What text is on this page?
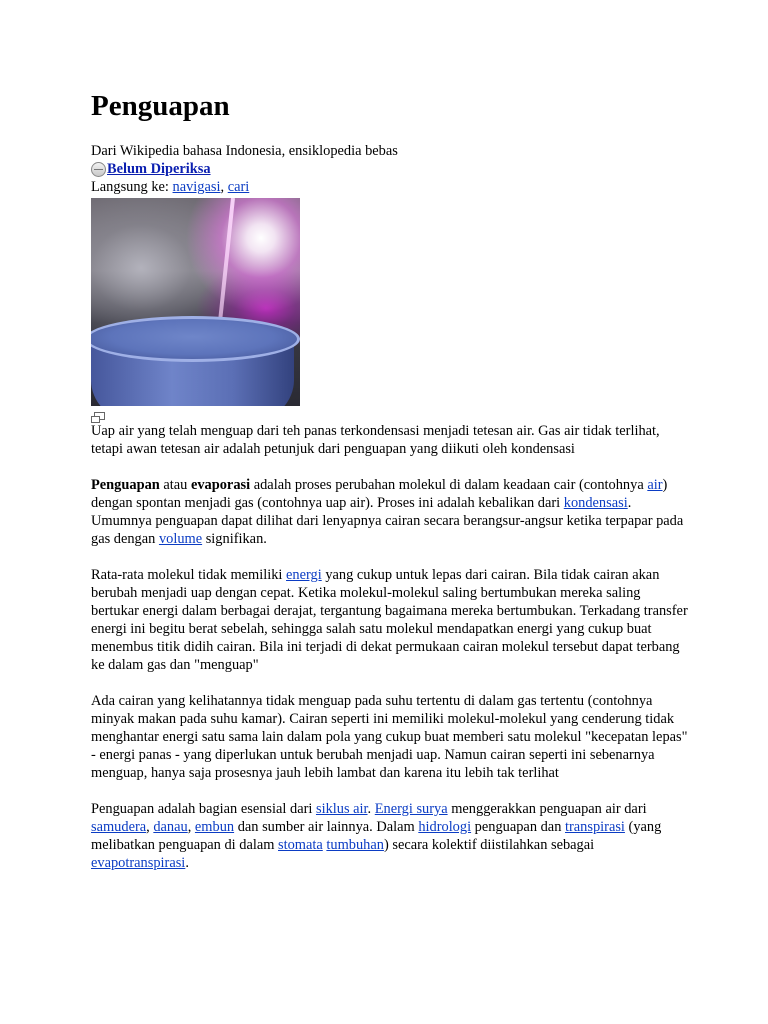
Penguapan
Dari Wikipedia bahasa Indonesia, ensiklopedia bebas
Belum Diperiksa
Langsung ke: navigasi, cari
Uap air yang telah menguap dari teh panas terkondensasi menjadi tetesan air. Gas air tidak terlihat, tetapi awan tetesan air adalah petunjuk dari penguapan yang diikuti oleh kondensasi

Penguapan atau evaporasi adalah proses perubahan molekul di dalam keadaan cair (contohnya air) dengan spontan menjadi gas (contohnya uap air). Proses ini adalah kebalikan dari kondensasi. Umumnya penguapan dapat dilihat dari lenyapnya cairan secara berangsur-angsur ketika terpapar pada gas dengan volume signifikan.

Rata-rata molekul tidak memiliki energi yang cukup untuk lepas dari cairan. Bila tidak cairan akan berubah menjadi uap dengan cepat. Ketika molekul-molekul saling bertumbukan mereka saling bertukar energi dalam berbagai derajat, tergantung bagaimana mereka bertumbukan. Terkadang transfer energi ini begitu berat sebelah, sehingga salah satu molekul mendapatkan energi yang cukup buat menembus titik didih cairan. Bila ini terjadi di dekat permukaan cairan molekul tersebut dapat terbang ke dalam gas dan "menguap"

Ada cairan yang kelihatannya tidak menguap pada suhu tertentu di dalam gas tertentu (contohnya minyak makan pada suhu kamar). Cairan seperti ini memiliki molekul-molekul yang cenderung tidak menghantar energi satu sama lain dalam pola yang cukup buat memberi satu molekul "kecepatan lepas" - energi panas - yang diperlukan untuk berubah menjadi uap. Namun cairan seperti ini sebenarnya menguap, hanya saja prosesnya jauh lebih lambat dan karena itu lebih tak terlihat

Penguapan adalah bagian esensial dari siklus air. Energi surya menggerakkan penguapan air dari samudera, danau, embun dan sumber air lainnya. Dalam hidrologi penguapan dan transpirasi (yang melibatkan penguapan di dalam stomata tumbuhan) secara kolektif diistilahkan sebagai evapotranspirasi.
